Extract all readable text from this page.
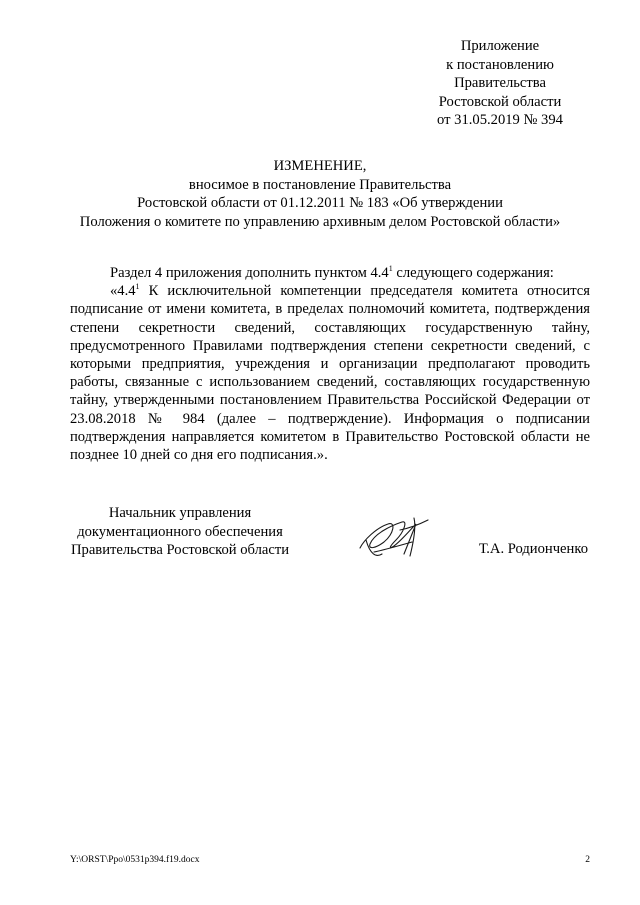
Приложение
к постановлению
Правительства
Ростовской области
от 31.05.2019 № 394
ИЗМЕНЕНИЕ,
вносимое в постановление Правительства
Ростовской области от 01.12.2011 № 183 «Об утверждении
Положения о комитете по управлению архивным делом Ростовской области»
Раздел 4 приложения дополнить пунктом $4.4^1$ следующего содержания:
«$4.4^1$ К исключительной компетенции председателя комитета относится подписание от имени комитета, в пределах полномочий комитета, подтверждения степени секретности сведений, составляющих государственную тайну, предусмотренного Правилами подтверждения степени секретности сведений, с которыми предприятия, учреждения и организации предполагают проводить работы, связанные с использованием сведений, составляющих государственную тайну, утвержденными постановлением Правительства Российской Федерации от 23.08.2018 № 984 (далее – подтверждение). Информация о подписании подтверждения направляется комитетом в Правительство Ростовской области не позднее 10 дней со дня его подписания.».
Начальник управления
документационного обеспечения
Правительства Ростовской области	Т.А. Родионченко
Y:\ORST\Ppo\0531p394.f19.docx	2
